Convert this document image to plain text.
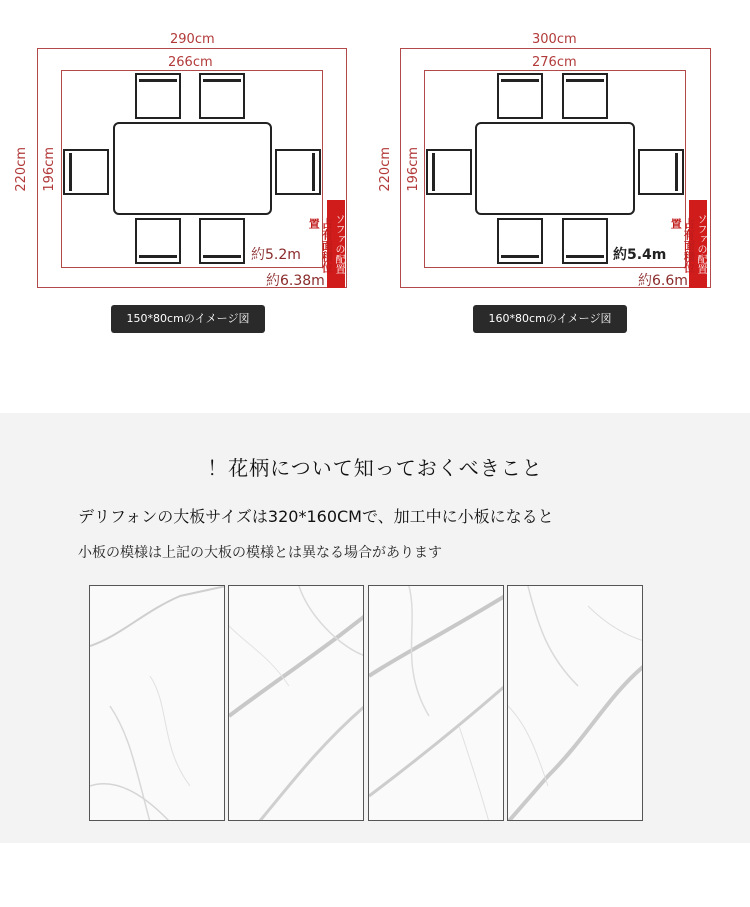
290cm
266cm
220cm 196cm
約5.2m
約6.38m
ソファの配置
占有面積位置
150*80cmのイメージ図
300cm
276cm
220cm 196cm
約5.4m
約6.6m
ソファの配置
占有面積位置
160*80cmのイメージ図
！花柄について知っておくべきこと
デリフォンの大板サイズは320*160CMで、加工中に小板になると
小板の模様は上記の大板の模様とは異なる場合があります
